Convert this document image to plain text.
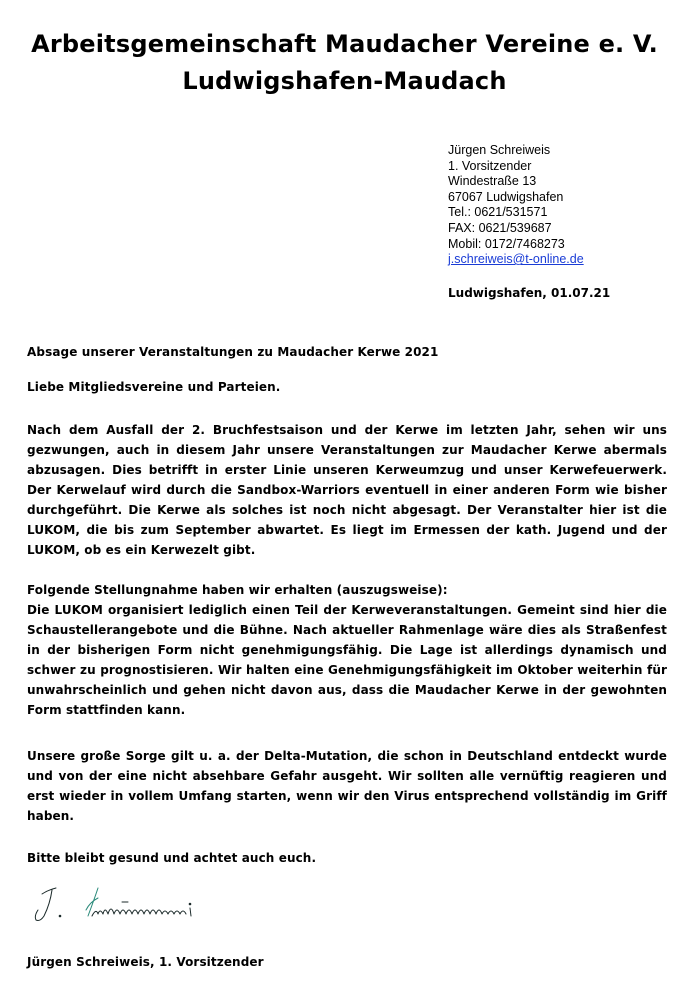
Arbeitsgemeinschaft Maudacher Vereine e. V.
Ludwigshafen-Maudach
Jürgen Schreiweis
1. Vorsitzender
Windestraße 13
67067 Ludwigshafen
Tel.: 0621/531571
FAX: 0621/539687
Mobil: 0172/7468273
j.schreiweis@t-online.de
Ludwigshafen, 01.07.21
Absage unserer Veranstaltungen zu Maudacher Kerwe 2021
Liebe Mitgliedsvereine und Parteien.
Nach dem Ausfall der 2. Bruchfestsaison und der Kerwe im letzten Jahr, sehen wir uns gezwungen, auch in diesem Jahr unsere Veranstaltungen zur Maudacher Kerwe abermals abzusagen. Dies betrifft in erster Linie unseren Kerweumzug und unser Kerwefeuerwerk. Der Kerwelauf wird durch die Sandbox-Warriors eventuell in einer anderen Form wie bisher durchgeführt. Die Kerwe als solches ist noch nicht abgesagt. Der Veranstalter hier ist die LUKOM, die bis zum September abwartet. Es liegt im Ermessen der kath. Jugend und der LUKOM, ob es ein Kerwezelt gibt.
Folgende Stellungnahme haben wir erhalten (auszugsweise):
Die LUKOM organisiert lediglich einen Teil der Kerweveranstaltungen. Gemeint sind hier die Schaustellerangebote und die Bühne. Nach aktueller Rahmenlage wäre dies als Straßenfest in der bisherigen Form nicht genehmigungsfähig. Die Lage ist allerdings dynamisch und schwer zu prognostisieren. Wir halten eine Genehmigungsfähigkeit im Oktober weiterhin für unwahrscheinlich und gehen nicht davon aus, dass die Maudacher Kerwe in der gewohnten Form stattfinden kann.
Unsere große Sorge gilt u. a. der Delta-Mutation, die schon in Deutschland entdeckt wurde und von der eine nicht absehbare Gefahr ausgeht. Wir sollten alle vernüftig reagieren und erst wieder in vollem Umfang starten, wenn wir den Virus entsprechend vollständig im Griff haben.
Bitte bleibt gesund und achtet auch euch.
Jürgen Schreiweis, 1. Vorsitzender
